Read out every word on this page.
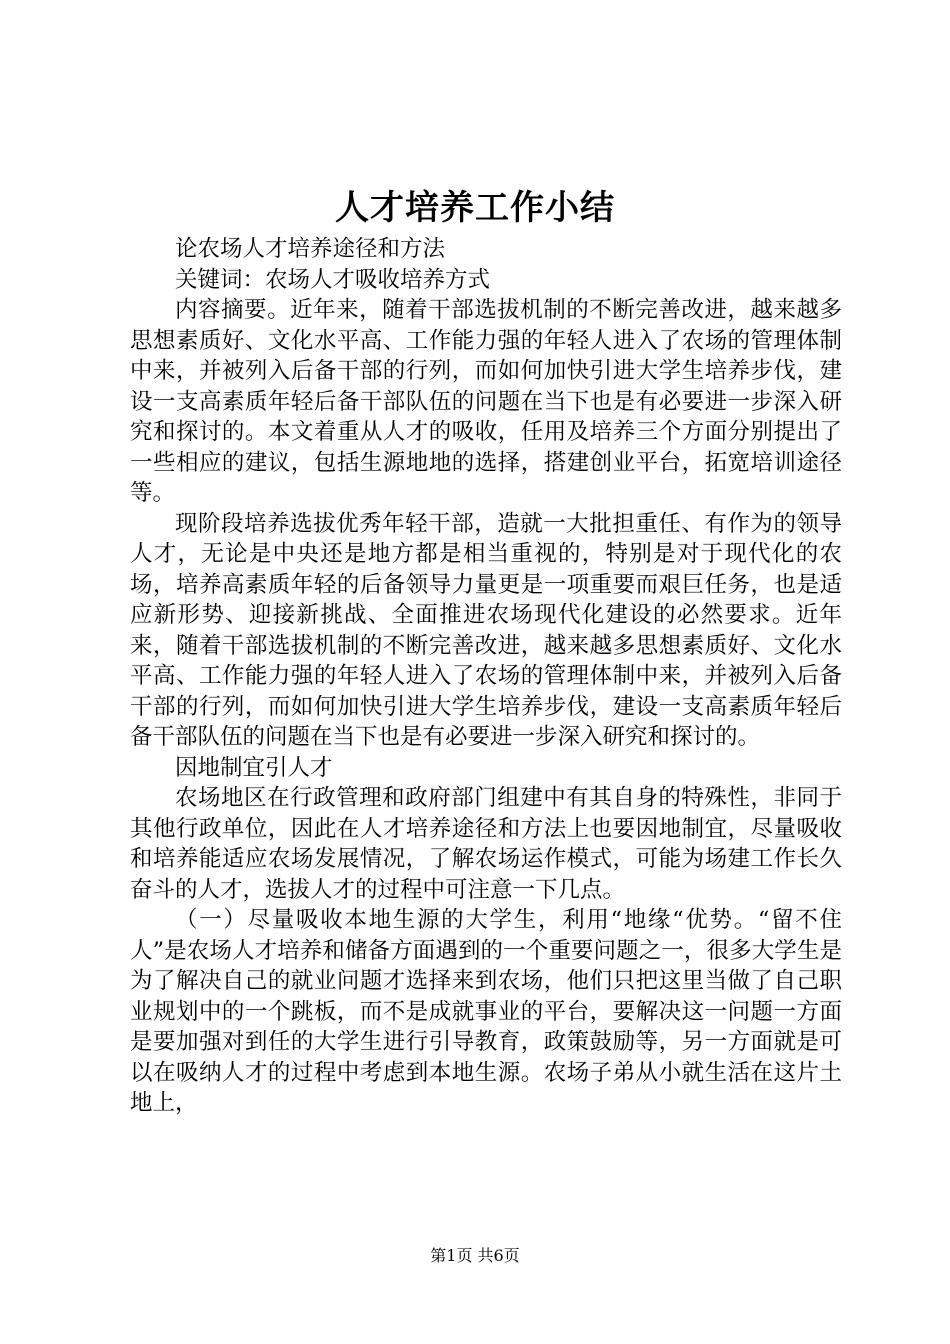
人才培养工作小结

论农场人才培养途径和方法

关键词：农场人才吸收培养方式

内容摘要。近年来，随着干部选拔机制的不断完善改进，越来越多思想素质好、文化水平高、工作能力强的年轻人进入了农场的管理体制中来，并被列入后备干部的行列，而如何加快引进大学生培养步伐，建设一支高素质年轻后备干部队伍的问题在当下也是有必要进一步深入研究和探讨的。本文着重从人才的吸收，任用及培养三个方面分别提出了一些相应的建议，包括生源地地的选择，搭建创业平台，拓宽培训途径等。

现阶段培养选拔优秀年轻干部，造就一大批担重任、有作为的领导人才，无论是中央还是地方都是相当重视的，特别是对于现代化的农场，培养高素质年轻的后备领导力量更是一项重要而艰巨任务，也是适应新形势、迎接新挑战、全面推进农场现代化建设的必然要求。近年来，随着干部选拔机制的不断完善改进，越来越多思想素质好、文化水平高、工作能力强的年轻人进入了农场的管理体制中来，并被列入后备干部的行列，而如何加快引进大学生培养步伐，建设一支高素质年轻后备干部队伍的问题在当下也是有必要进一步深入研究和探讨的。

因地制宜引人才

农场地区在行政管理和政府部门组建中有其自身的特殊性，非同于其他行政单位，因此在人才培养途径和方法上也要因地制宜，尽量吸收和培养能适应农场发展情况，了解农场运作模式，可能为场建工作长久奋斗的人才，选拔人才的过程中可注意一下几点。

（一）尽量吸收本地生源的大学生，利用“地缘“优势。“留不住人”是农场人才培养和储备方面遇到的一个重要问题之一，很多大学生是为了解决自己的就业问题才选择来到农场，他们只把这里当做了自己职业规划中的一个跳板，而不是成就事业的平台，要解决这一问题一方面是要加强对到任的大学生进行引导教育，政策鼓励等，另一方面就是可以在吸纳人才的过程中考虑到本地生源。农场子弟从小就生活在这片土地上，

第1页 共6页
